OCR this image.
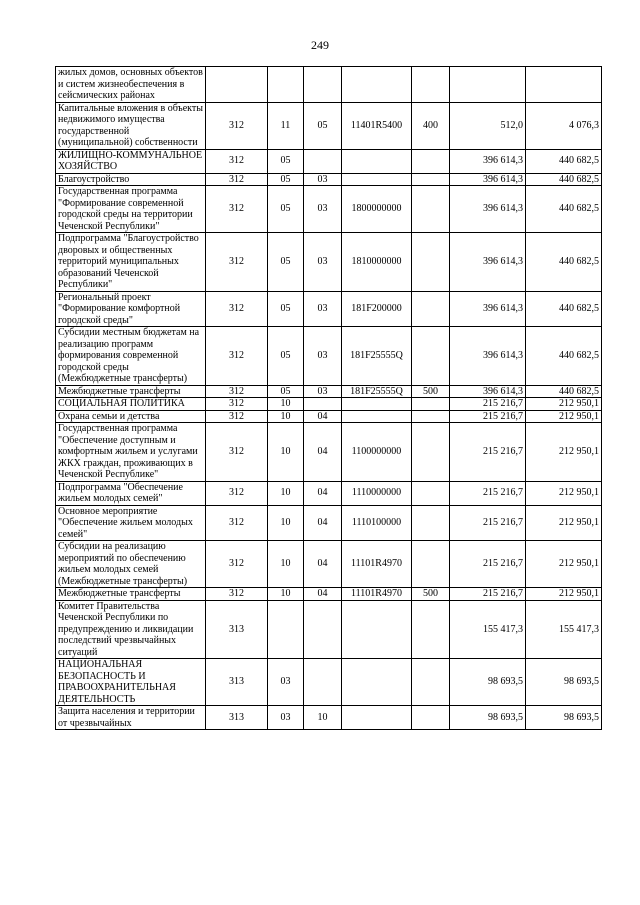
249
жилых домов, основных объектов и систем жизнеобеспечения в сейсмических районах							
Капитальные вложения в объекты недвижимого имущества государственной (муниципальной) собственности	312	11	05	11401R5400	400	512,0	4 076,3
ЖИЛИЩНО-КОММУНАЛЬНОЕ ХОЗЯЙСТВО	312	05				396 614,3	440 682,5
Благоустройство	312	05	03			396 614,3	440 682,5
Государственная программа "Формирование современной городской среды на территории Чеченской Республики"	312	05	03	1800000000		396 614,3	440 682,5
Подпрограмма "Благоустройство дворовых и общественных территорий муниципальных образований Чеченской Республики"	312	05	03	1810000000		396 614,3	440 682,5
Региональный проект "Формирование комфортной городской среды"	312	05	03	181F200000		396 614,3	440 682,5
Субсидии местным бюджетам на реализацию программ формирования современной городской среды (Межбюджетные трансферты)	312	05	03	181F25555Q		396 614,3	440 682,5
Межбюджетные трансферты	312	05	03	181F25555Q	500	396 614,3	440 682,5
СОЦИАЛЬНАЯ ПОЛИТИКА	312	10				215 216,7	212 950,1
Охрана семьи и детства	312	10	04			215 216,7	212 950,1
Государственная программа "Обеспечение доступным и комфортным жильем и услугами ЖКХ граждан, проживающих в Чеченской Республике"	312	10	04	1100000000		215 216,7	212 950,1
Подпрограмма "Обеспечение жильем молодых семей"	312	10	04	1110000000		215 216,7	212 950,1
Основное мероприятие "Обеспечение жильем молодых семей"	312	10	04	1110100000		215 216,7	212 950,1
Субсидии на реализацию мероприятий по обеспечению жильем молодых семей (Межбюджетные трансферты)	312	10	04	11101R4970		215 216,7	212 950,1
Межбюджетные трансферты	312	10	04	11101R4970	500	215 216,7	212 950,1
Комитет Правительства Чеченской Республики по предупреждению и ликвидации последствий чрезвычайных ситуаций	313					155 417,3	155 417,3
НАЦИОНАЛЬНАЯ БЕЗОПАСНОСТЬ И ПРАВООХРАНИТЕЛЬНАЯ ДЕЯТЕЛЬНОСТЬ	313	03				98 693,5	98 693,5
Защита населения и территории от чрезвычайных	313	03	10			98 693,5	98 693,5
